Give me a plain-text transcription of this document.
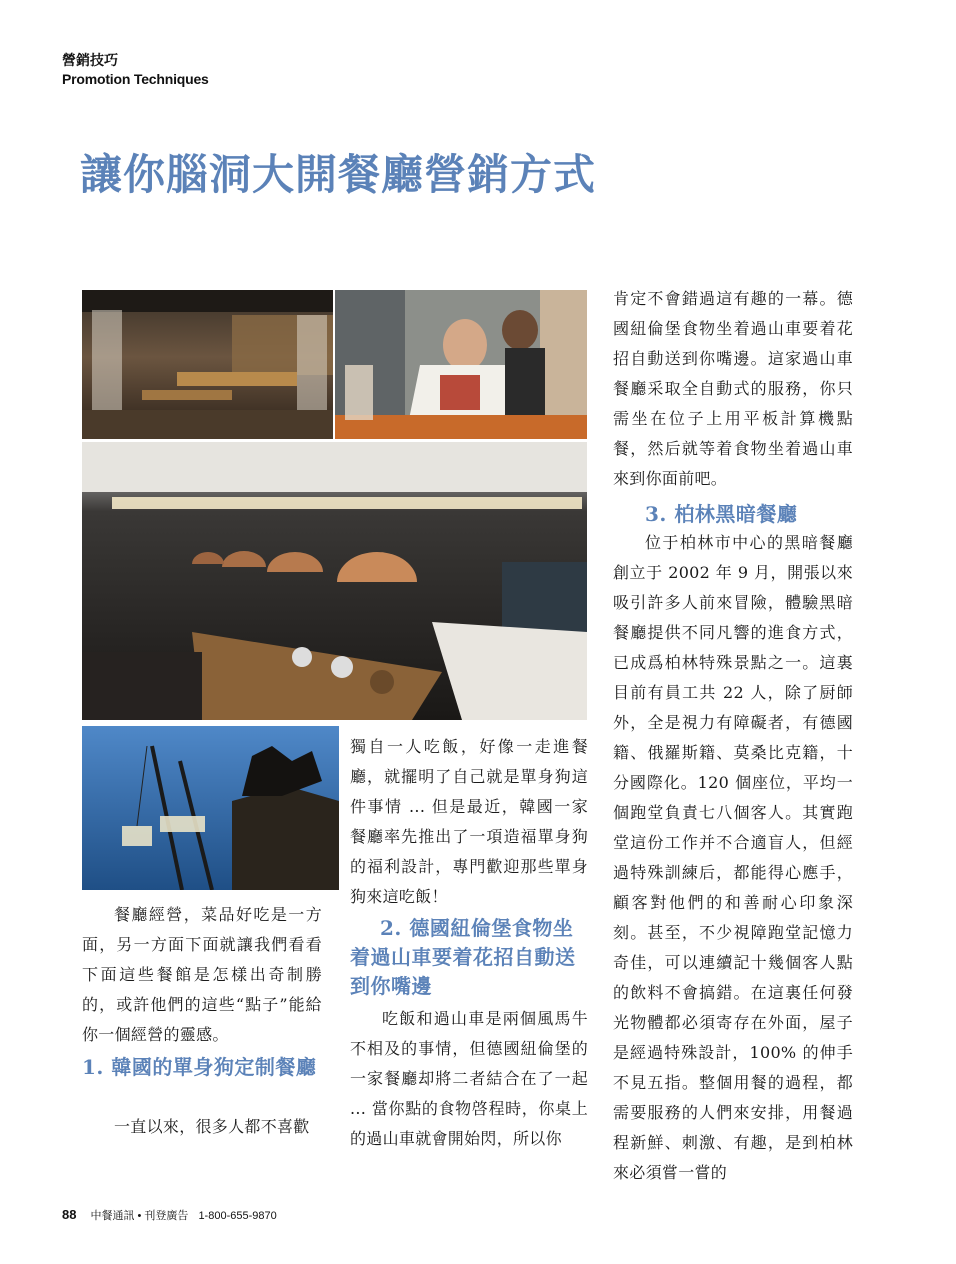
營銷技巧
Promotion Techniques
讓你腦洞大開餐廳營銷方式

餐廳經營，菜品好吃是一方面，另一方面下面就讓我們看看下面這些餐館是怎樣出奇制勝的，或許他們的這些“點子”能給你一個經營的靈感。

1. 韓國的單身狗定制餐廳

一直以來，很多人都不喜歡

獨自一人吃飯，好像一走進餐廳，就擺明了自己就是單身狗這件事情 ... 但是最近，韓國一家餐廳率先推出了一項造福單身狗的福利設計，專門歡迎那些單身狗來這吃飯！

2. 德國紐倫堡食物坐着過山車要着花招自動送到你嘴邊

吃飯和過山車是兩個風馬牛不相及的事情，但德國紐倫堡的一家餐廳却將二者結合在了一起 ... 當你點的食物啓程時，你桌上的過山車就會開始閃，所以你

肯定不會錯過這有趣的一幕。德國紐倫堡食物坐着過山車要着花招自動送到你嘴邊。這家過山車餐廳采取全自動式的服務，你只需坐在位子上用平板計算機點餐，然后就等着食物坐着過山車來到你面前吧。

3. 柏林黑暗餐廳

位于柏林市中心的黑暗餐廳創立于 2002 年 9 月，開張以來吸引許多人前來冒險，體驗黑暗餐廳提供不同凡響的進食方式，已成爲柏林特殊景點之一。這裏目前有員工共 22 人，除了厨師外，全是視力有障礙者，有德國籍、俄羅斯籍、莫桑比克籍，十分國際化。120 個座位，平均一個跑堂負責七八個客人。其實跑堂這份工作并不合適盲人，但經過特殊訓練后，都能得心應手，顧客對他們的和善耐心印象深刻。甚至，不少視障跑堂記憶力奇佳，可以連續記十幾個客人點的飲料不會搞錯。在這裏任何發光物體都必須寄存在外面，屋子是經過特殊設計，100% 的伸手不見五指。整個用餐的過程，都需要服務的人們來安排，用餐過程新鮮、刺激、有趣，是到柏林來必須嘗一嘗的

88 中餐通訊 • 刊登廣告 1-800-655-9870
